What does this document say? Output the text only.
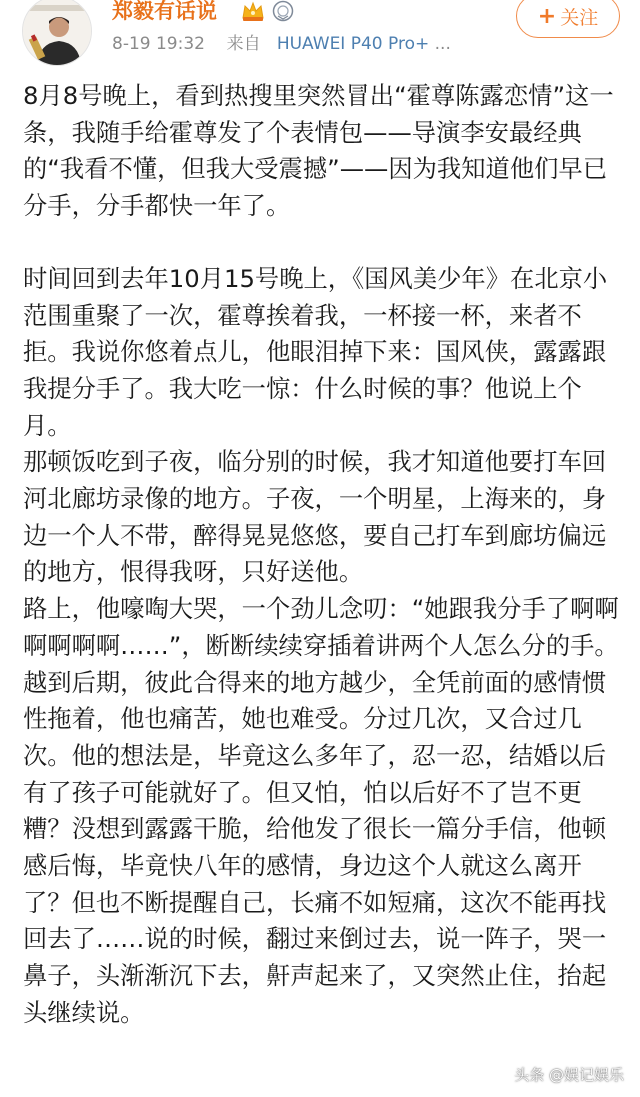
郑毅有话说
8-19 19:32 来自 HUAWEI P40 Pro+ ...
+ 关注

8月8号晚上，看到热搜里突然冒出“霍尊陈露恋情”这一条，我随手给霍尊发了个表情包——导演李安最经典的“我看不懂，但我大受震撼”——因为我知道他们早已分手，分手都快一年了。

时间回到去年10月15号晚上，《国风美少年》在北京小范围重聚了一次，霍尊挨着我，一杯接一杯，来者不拒。我说你悠着点儿，他眼泪掉下来：国风侠，露露跟我提分手了。我大吃一惊：什么时候的事？他说上个月。
那顿饭吃到子夜，临分别的时候，我才知道他要打车回河北廊坊录像的地方。子夜，一个明星，上海来的，身边一个人不带，醉得晃晃悠悠，要自己打车到廊坊偏远的地方，恨得我呀，只好送他。
路上，他嚎啕大哭，一个劲儿念叨：“她跟我分手了啊啊啊啊啊啊……”，断断续续穿插着讲两个人怎么分的手。越到后期，彼此合得来的地方越少，全凭前面的感情惯性拖着，他也痛苦，她也难受。分过几次，又合过几次。他的想法是，毕竟这么多年了，忍一忍，结婚以后有了孩子可能就好了。但又怕，怕以后好不了岂不更糟？没想到露露干脆，给他发了很长一篇分手信，他顿感后悔，毕竟快八年的感情，身边这个人就这么离开了？但也不断提醒自己，长痛不如短痛，这次不能再找回去了……说的时候，翻过来倒过去，说一阵子，哭一鼻子，头渐渐沉下去，鼾声起来了，又突然止住，抬起头继续说。

头条 @娱记娱乐
